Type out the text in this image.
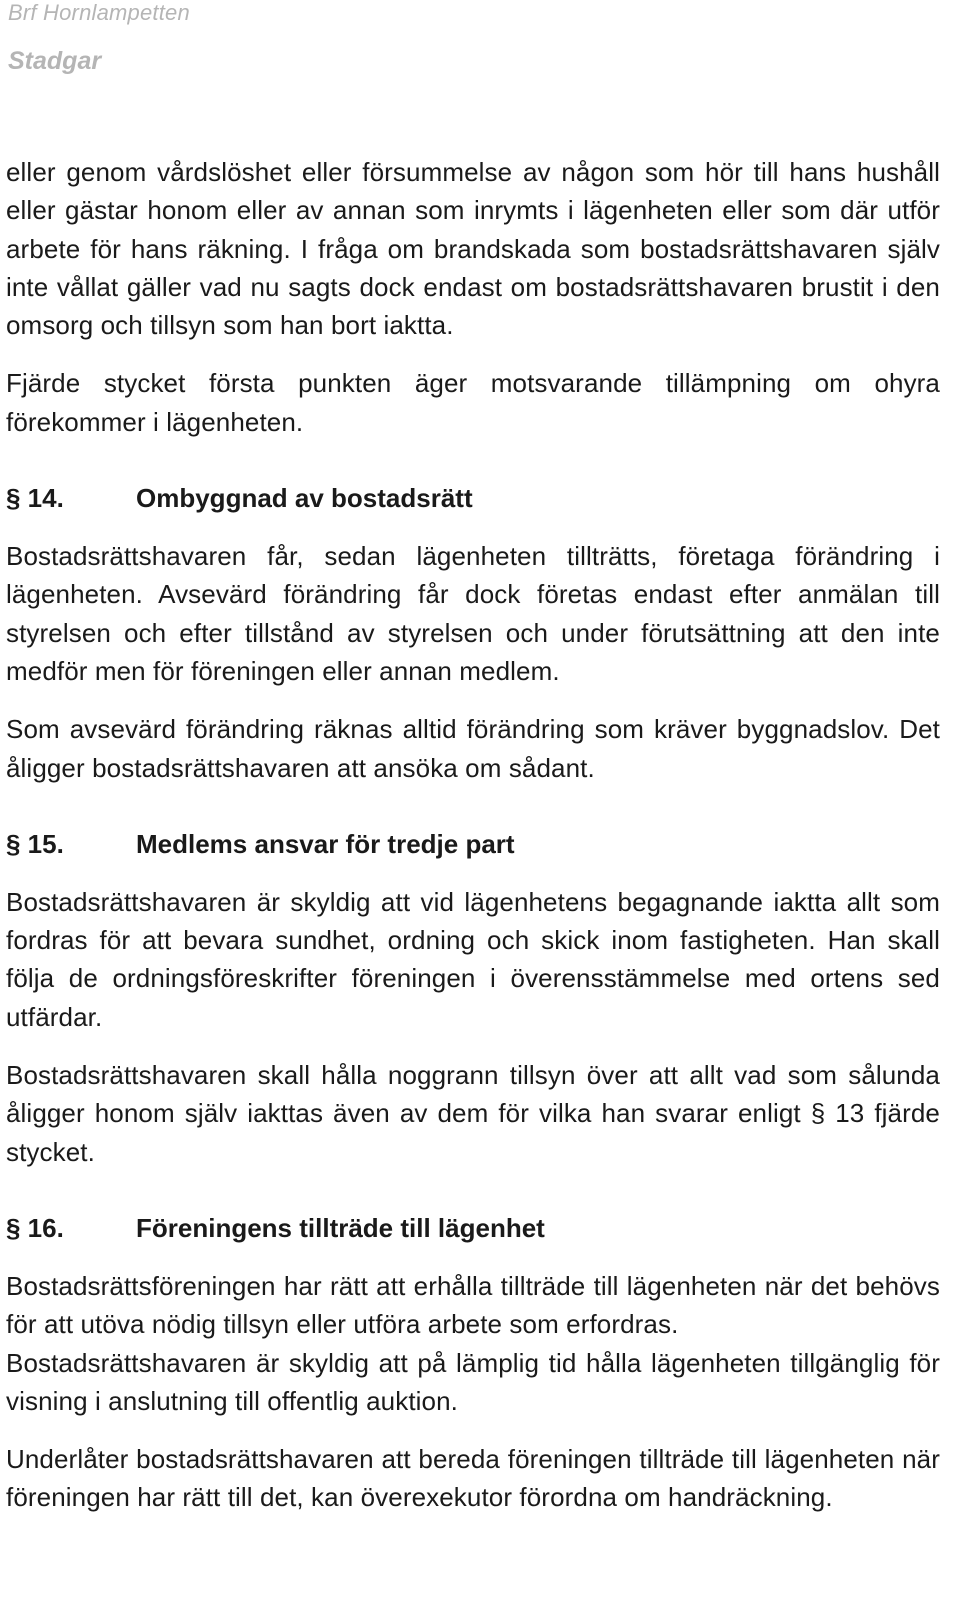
Brf Hornlampetten
Stadgar

eller genom vårdslöshet eller försummelse av någon som hör till hans hushåll eller gästar honom eller av annan som inrymts i lägenheten eller som där utför arbete för hans räkning. I fråga om brandskada som bostadsrättshavaren själv inte vållat gäller vad nu sagts dock endast om bostadsrättshavaren brustit i den omsorg och tillsyn som han bort iaktta.

Fjärde stycket första punkten äger motsvarande tillämpning om ohyra förekommer i lägenheten.

§ 14.	Ombyggnad av bostadsrätt

Bostadsrättshavaren får, sedan lägenheten tillträtts, företaga förändring i lägenheten. Avsevärd förändring får dock företas endast efter anmälan till styrelsen och efter tillstånd av styrelsen och under förutsättning att den inte medför men för föreningen eller annan medlem.

Som avsevärd förändring räknas alltid förändring som kräver byggnadslov. Det åligger bostadsrättshavaren att ansöka om sådant.

§ 15.	Medlems ansvar för tredje part

Bostadsrättshavaren är skyldig att vid lägenhetens begagnande iaktta allt som fordras för att bevara sundhet, ordning och skick inom fastigheten. Han skall följa de ordningsföreskrifter föreningen i överensstämmelse med ortens sed utfärdar.

Bostadsrättshavaren skall hålla noggrann tillsyn över att allt vad som sålunda åligger honom själv iakttas även av dem för vilka han svarar enligt § 13 fjärde stycket.

§ 16.	Föreningens tillträde till lägenhet

Bostadsrättsföreningen har rätt att erhålla tillträde till lägenheten när det behövs för att utöva nödig tillsyn eller utföra arbete som erfordras.

Bostadsrättshavaren är skyldig att på lämplig tid hålla lägenheten tillgänglig för visning i anslutning till offentlig auktion.

Underlåter bostadsrättshavaren att bereda föreningen tillträde till lägenheten när föreningen har rätt till det, kan överexekutor förordna om handräckning.
